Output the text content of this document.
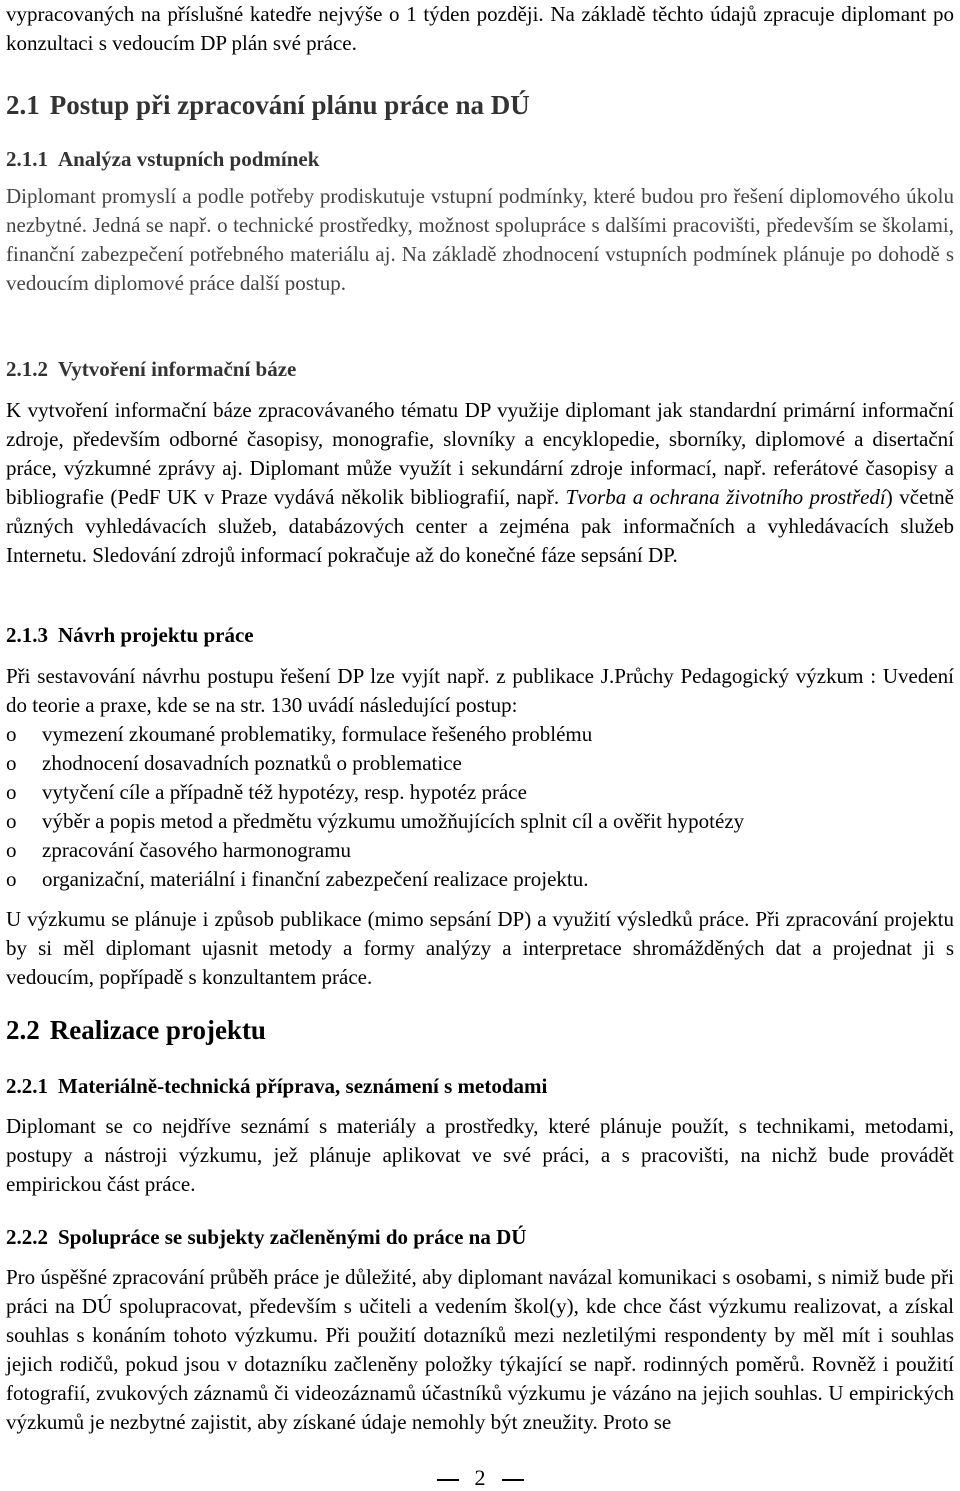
vypracovaných na příslušné katedře nejvýše o 1 týden později. Na základě těchto údajů zpracuje diplomant po konzultaci s vedoucím DP plán své práce.

2.1 Postup při zpracování plánu práce na DÚ
2.1.1 Analýza vstupních podmínek

Diplomant promyslí a podle potřeby prodiskutuje vstupní podmínky, které budou pro řešení diplomového úkolu nezbytné. Jedná se např. o technické prostředky, možnost spolupráce s dalšími pracovišti, především se školami, finanční zabezpečení potřebného materiálu aj. Na základě zhodnocení vstupních podmínek plánuje po dohodě s vedoucím diplomové práce další postup.

2.1.2 Vytvoření informační báze

K vytvoření informační báze zpracovávaného tématu DP využije diplomant jak standardní primární informační zdroje, především odborné časopisy, monografie, slovníky a encyklopedie, sborníky, diplomové a disertační práce, výzkumné zprávy aj. Diplomant může využít i sekundární zdroje informací, např. referátové časopisy a bibliografie (PedF UK v Praze vydává několik bibliografií, např. Tvorba a ochrana životního prostředí) včetně různých vyhledávacích služeb, databázových center a zejména pak informačních a vyhledávacích služeb Internetu. Sledování zdrojů informací pokračuje až do konečné fáze sepsání DP.

2.1.3 Návrh projektu práce

Při sestavování návrhu postupu řešení DP lze vyjít např. z publikace J.Průchy Pedagogický výzkum : Uvedení do teorie a praxe, kde se na str. 130 uvádí následující postup:

o vymezení zkoumané problematiky, formulace řešeného problému
o zhodnocení dosavadních poznatků o problematice
o vytyčení cíle a případně též hypotézy, resp. hypotéz práce
o výběr a popis metod a předmětu výzkumu umožňujících splnit cíl a ověřit hypotézy
o zpracování časového harmonogramu
o organizační, materiální i finanční zabezpečení realizace projektu.

U výzkumu se plánuje i způsob publikace (mimo sepsání DP) a využití výsledků práce. Při zpracování projektu by si měl diplomant ujasnit metody a formy analýzy a interpretace shromážděných dat a projednat ji s vedoucím, popřípadě s konzultantem práce.

2.2 Realizace projektu
2.2.1 Materiálně-technická příprava, seznámení s metodami

Diplomant se co nejdříve seznámí s materiály a prostředky, které plánuje použít, s technikami, metodami, postupy a nástroji výzkumu, jež plánuje aplikovat ve své práci, a s pracovišti, na nichž bude provádět empirickou část práce.

2.2.2 Spolupráce se subjekty začleněnými do práce na DÚ

Pro úspěšné zpracování průběh práce je důležité, aby diplomant navázal komunikaci s osobami, s nimiž bude při práci na DÚ spolupracovat, především s učiteli a vedením škol(y), kde chce část výzkumu realizovat, a získal souhlas s konáním tohoto výzkumu. Při použití dotazníků mezi nezletilými respondenty by měl mít i souhlas jejich rodičů, pokud jsou v dotazníku začleněny položky týkající se např. rodinných poměrů. Rovněž i použití fotografií, zvukových záznamů či videozáznamů účastníků výzkumu je vázáno na jejich souhlas. U empirických výzkumů je nezbytné zajistit, aby získané údaje nemohly být zneužity. Proto se

2
